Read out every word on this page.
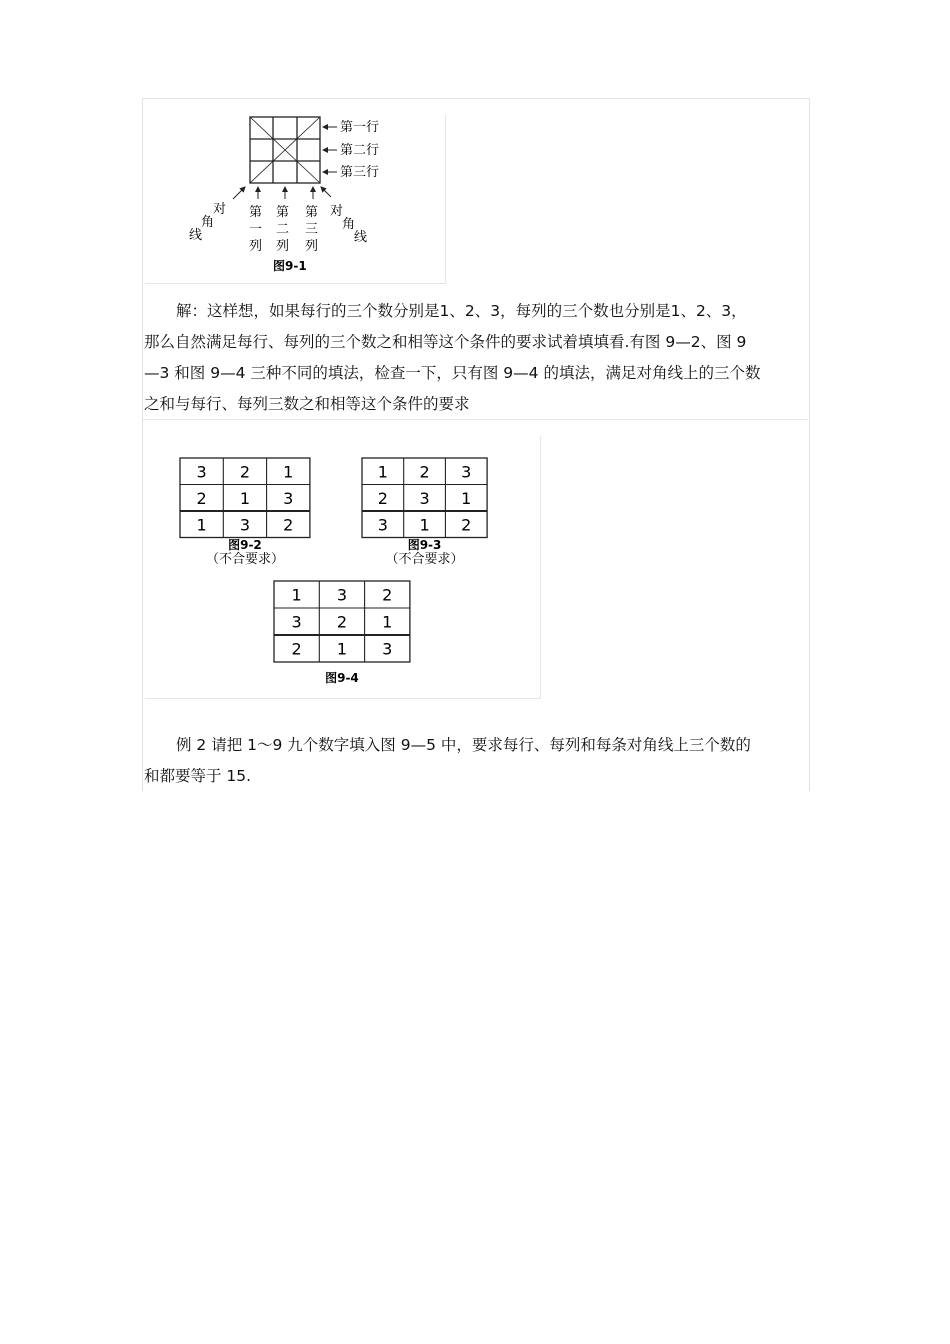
第一行
第二行
第三行
第一列
第二列
第三列
对角线
对角线
图9-1
解：这样想，如果每行的三个数分别是1、2、3，每列的三个数也分别是1、2、3，
那么自然满足每行、每列的三个数之和相等这个条件的要求试着填填看.有图 9—2、图 9
—3 和图 9—4 三种不同的填法，检查一下，只有图 9—4 的填法，满足对角线上的三个数
之和与每行、每列三数之和相等这个条件的要求
3 2 1
2 1 3
1 3 2
图9-2
（不合要求）
1 2 3
2 3 1
3 1 2
图9-3
（不合要求）
1 3 2
3 2 1
2 1 3
图9-4
例 2 请把 1～9 九个数字填入图 9—5 中，要求每行、每列和每条对角线上三个数的
和都要等于 15.
